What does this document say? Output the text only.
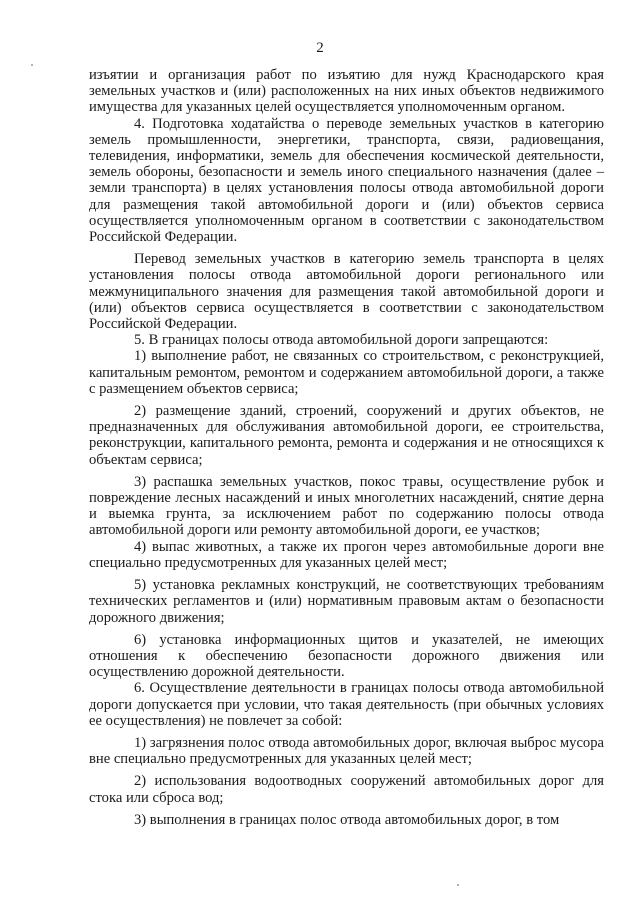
2

изъятии и организация работ по изъятию для нужд Краснодарского края земельных участков и (или) расположенных на них иных объектов недвижимого имущества для указанных целей осуществляется уполномоченным органом.

4. Подготовка ходатайства о переводе земельных участков в категорию земель промышленности, энергетики, транспорта, связи, радиовещания, телевидения, информатики, земель для обеспечения космической деятельности, земель обороны, безопасности и земель иного специального назначения (далее – земли транспорта) в целях установления полосы отвода автомобильной дороги для размещения такой автомобильной дороги и (или) объектов сервиса осуществляется уполномоченным органом в соответствии с законодательством Российской Федерации.

Перевод земельных участков в категорию земель транспорта в целях установления полосы отвода автомобильной дороги регионального или межмуниципального значения для размещения такой автомобильной дороги и (или) объектов сервиса осуществляется в соответствии с законодательством Российской Федерации.

5. В границах полосы отвода автомобильной дороги запрещаются:

1) выполнение работ, не связанных со строительством, с реконструкцией, капитальным ремонтом, ремонтом и содержанием автомобильной дороги, а также с размещением объектов сервиса;

2) размещение зданий, строений, сооружений и других объектов, не предназначенных для обслуживания автомобильной дороги, ее строительства, реконструкции, капитального ремонта, ремонта и содержания и не относящихся к объектам сервиса;

3) распашка земельных участков, покос травы, осуществление рубок и повреждение лесных насаждений и иных многолетних насаждений, снятие дерна и выемка грунта, за исключением работ по содержанию полосы отвода автомобильной дороги или ремонту автомобильной дороги, ее участков;

4) выпас животных, а также их прогон через автомобильные дороги вне специально предусмотренных для указанных целей мест;

5) установка рекламных конструкций, не соответствующих требованиям технических регламентов и (или) нормативным правовым актам о безопасности дорожного движения;

6) установка информационных щитов и указателей, не имеющих отношения к обеспечению безопасности дорожного движения или осуществлению дорожной деятельности.

6. Осуществление деятельности в границах полосы отвода автомобильной дороги допускается при условии, что такая деятельность (при обычных условиях ее осуществления) не повлечет за собой:

1) загрязнения полос отвода автомобильных дорог, включая выброс мусора вне специально предусмотренных для указанных целей мест;

2) использования водоотводных сооружений автомобильных дорог для стока или сброса вод;

3) выполнения в границах полос отвода автомобильных дорог, в том
